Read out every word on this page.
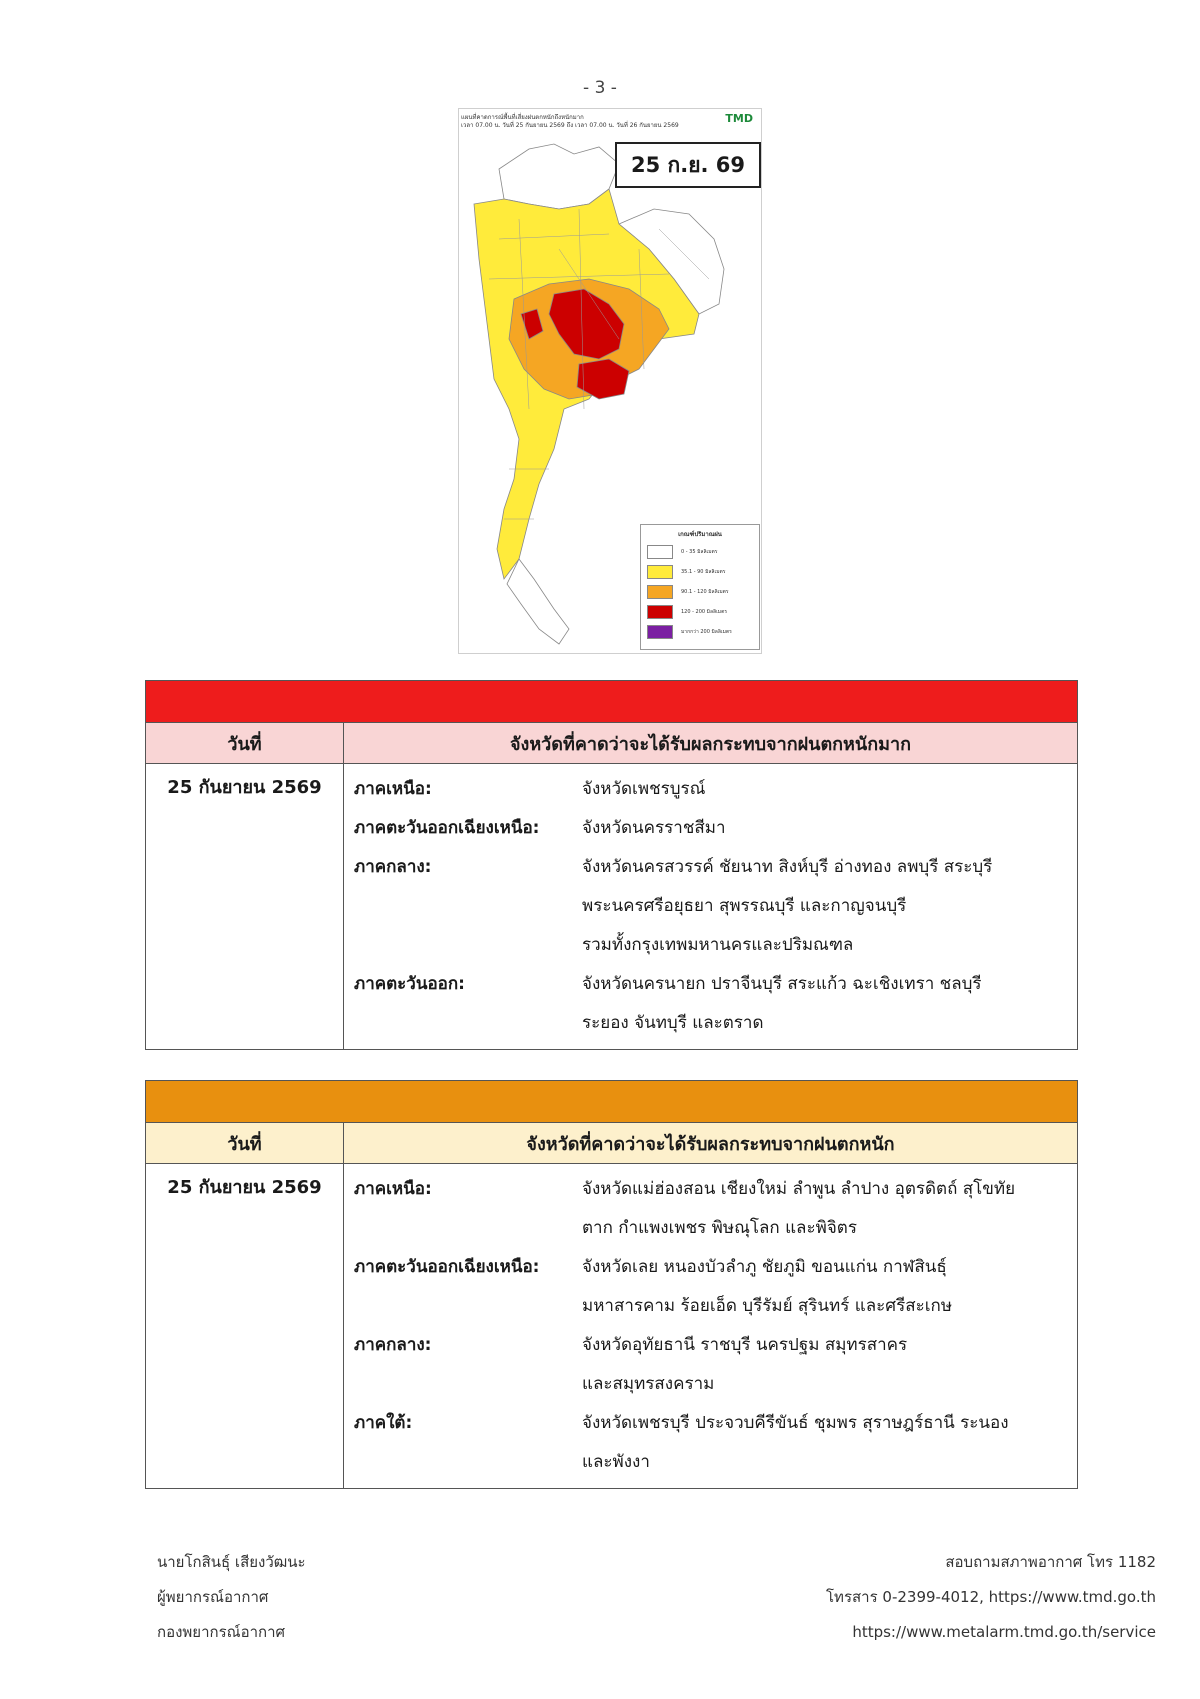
- 3 -
แผนที่คาดการณ์พื้นที่เสี่ยงฝนตกหนักถึงหนักมาก
เวลา 07.00 น. วันที่ 25 กันยายน 2569 ถึง เวลา 07.00 น. วันที่ 26 กันยายน 2569
TMD
25 ก.ย. 69
เกณฑ์ปริมาณฝน
0 - 35 มิลลิเมตร
35.1 - 90 มิลลิเมตร
90.1 - 120 มิลลิเมตร
120 - 200 มิลลิเมตร
มากกว่า 200 มิลลิเมตร
วันที่	จังหวัดที่คาดว่าจะได้รับผลกระทบจากฝนตกหนักมาก
25 กันยายน 2569	ภาคเหนือ:	จังหวัดเพชรบูรณ์
ภาคตะวันออกเฉียงเหนือ:	จังหวัดนครราชสีมา
ภาคกลาง:	จังหวัดนครสวรรค์ ชัยนาท สิงห์บุรี อ่างทอง ลพบุรี สระบุรี
พระนครศรีอยุธยา สุพรรณบุรี และกาญจนบุรี
รวมทั้งกรุงเทพมหานครและปริมณฑล
ภาคตะวันออก:	จังหวัดนครนายก ปราจีนบุรี สระแก้ว ฉะเชิงเทรา ชลบุรี
ระยอง จันทบุรี และตราด
วันที่	จังหวัดที่คาดว่าจะได้รับผลกระทบจากฝนตกหนัก
25 กันยายน 2569	ภาคเหนือ:	จังหวัดแม่ฮ่องสอน เชียงใหม่ ลำพูน ลำปาง อุตรดิตถ์ สุโขทัย
ตาก กำแพงเพชร พิษณุโลก และพิจิตร
ภาคตะวันออกเฉียงเหนือ:	จังหวัดเลย หนองบัวลำภู ชัยภูมิ ขอนแก่น กาฬสินธุ์
มหาสารคาม ร้อยเอ็ด บุรีรัมย์ สุรินทร์ และศรีสะเกษ
ภาคกลาง:	จังหวัดอุทัยธานี ราชบุรี นครปฐม สมุทรสาคร
และสมุทรสงคราม
ภาคใต้:	จังหวัดเพชรบุรี ประจวบคีรีขันธ์ ชุมพร สุราษฎร์ธานี ระนอง
และพังงา
นายโกสินธุ์ เสียงวัฒนะ
ผู้พยากรณ์อากาศ
กองพยากรณ์อากาศ
สอบถามสภาพอากาศ โทร 1182
โทรสาร 0-2399-4012, https://www.tmd.go.th
https://www.metalarm.tmd.go.th/service
